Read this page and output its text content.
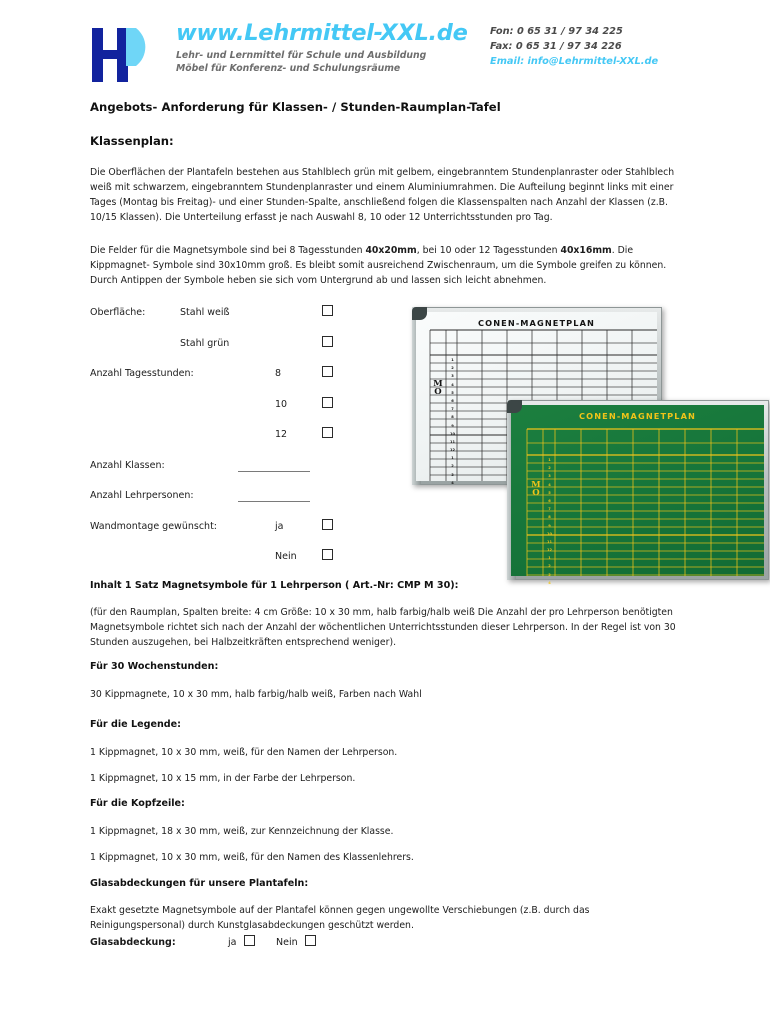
www.Lehrmittel-XXL.de
Lehr- und Lernmittel für Schule und Ausbildung
Möbel für Konferenz- und Schulungsräume
Fon: 0 65 31 / 97 34 225
Fax: 0 65 31 / 97 34 226
Email: info@Lehrmittel-XXL.de
Angebots- Anforderung für Klassen- / Stunden-Raumplan-Tafel
Klassenplan:
Die Oberflächen der Plantafeln bestehen aus Stahlblech grün mit gelbem, eingebranntem Stundenplanraster oder Stahlblech weiß mit schwarzem, eingebranntem Stundenplanraster und einem Aluminiumrahmen. Die Aufteilung beginnt links mit einer Tages (Montag bis Freitag)- und einer Stunden-Spalte, anschließend folgen die Klassenspalten nach Anzahl der Klassen (z.B. 10/15 Klassen). Die Unterteilung erfasst je nach Auswahl 8, 10 oder 12 Unterrichtsstunden pro Tag.
Die Felder für die Magnetsymbole sind bei 8 Tagesstunden 40x20mm, bei 10 oder 12 Tagesstunden 40x16mm. Die Kippmagnet- Symbole sind 30x10mm groß. Es bleibt somit ausreichend Zwischenraum, um die Symbole greifen zu können. Durch Antippen der Symbole heben sie sich vom Untergrund ab und lassen sich leicht abnehmen.
Oberfläche:	Stahl weiß
Stahl grün
Anzahl Tagesstunden:	8
10
12
Anzahl Klassen:
Anzahl Lehrpersonen:
Wandmontage gewünscht:	ja
Nein
CONEN-MAGNETPLAN
M
O
1
2
3
4
5
6
7
8
9
10
11
12
1
2
3
4
CONEN-MAGNETPLAN
M
O
1
2
3
4
5
6
7
8
9
10
11
12
1
2
3
4
Inhalt 1 Satz Magnetsymbole für 1 Lehrperson ( Art.-Nr: CMP M 30):
(für den Raumplan, Spalten breite: 4 cm Größe: 10 x 30 mm, halb farbig/halb weiß Die Anzahl der pro Lehrperson benötigten Magnetsymbole richtet sich nach der Anzahl der wöchentlichen Unterrichtsstunden dieser Lehrperson. In der Regel ist von 30 Stunden auszugehen, bei Halbzeitkräften entsprechend weniger).
Für 30 Wochenstunden:
30 Kippmagnete, 10 x 30 mm, halb farbig/halb weiß, Farben nach Wahl
Für die Legende:
1 Kippmagnet, 10 x 30 mm, weiß, für den Namen der Lehrperson.
1 Kippmagnet, 10 x 15 mm, in der Farbe der Lehrperson.
Für die Kopfzeile:
1 Kippmagnet, 18 x 30 mm, weiß, zur Kennzeichnung der Klasse.
1 Kippmagnet, 10 x 30 mm, weiß, für den Namen des Klassenlehrers.
Glasabdeckungen für unsere Plantafeln:
Exakt gesetzte Magnetsymbole auf der Plantafel können gegen ungewollte Verschiebungen (z.B. durch das Reinigungspersonal) durch Kunstglasabdeckungen geschützt werden.
Glasabdeckung:	ja	Nein
